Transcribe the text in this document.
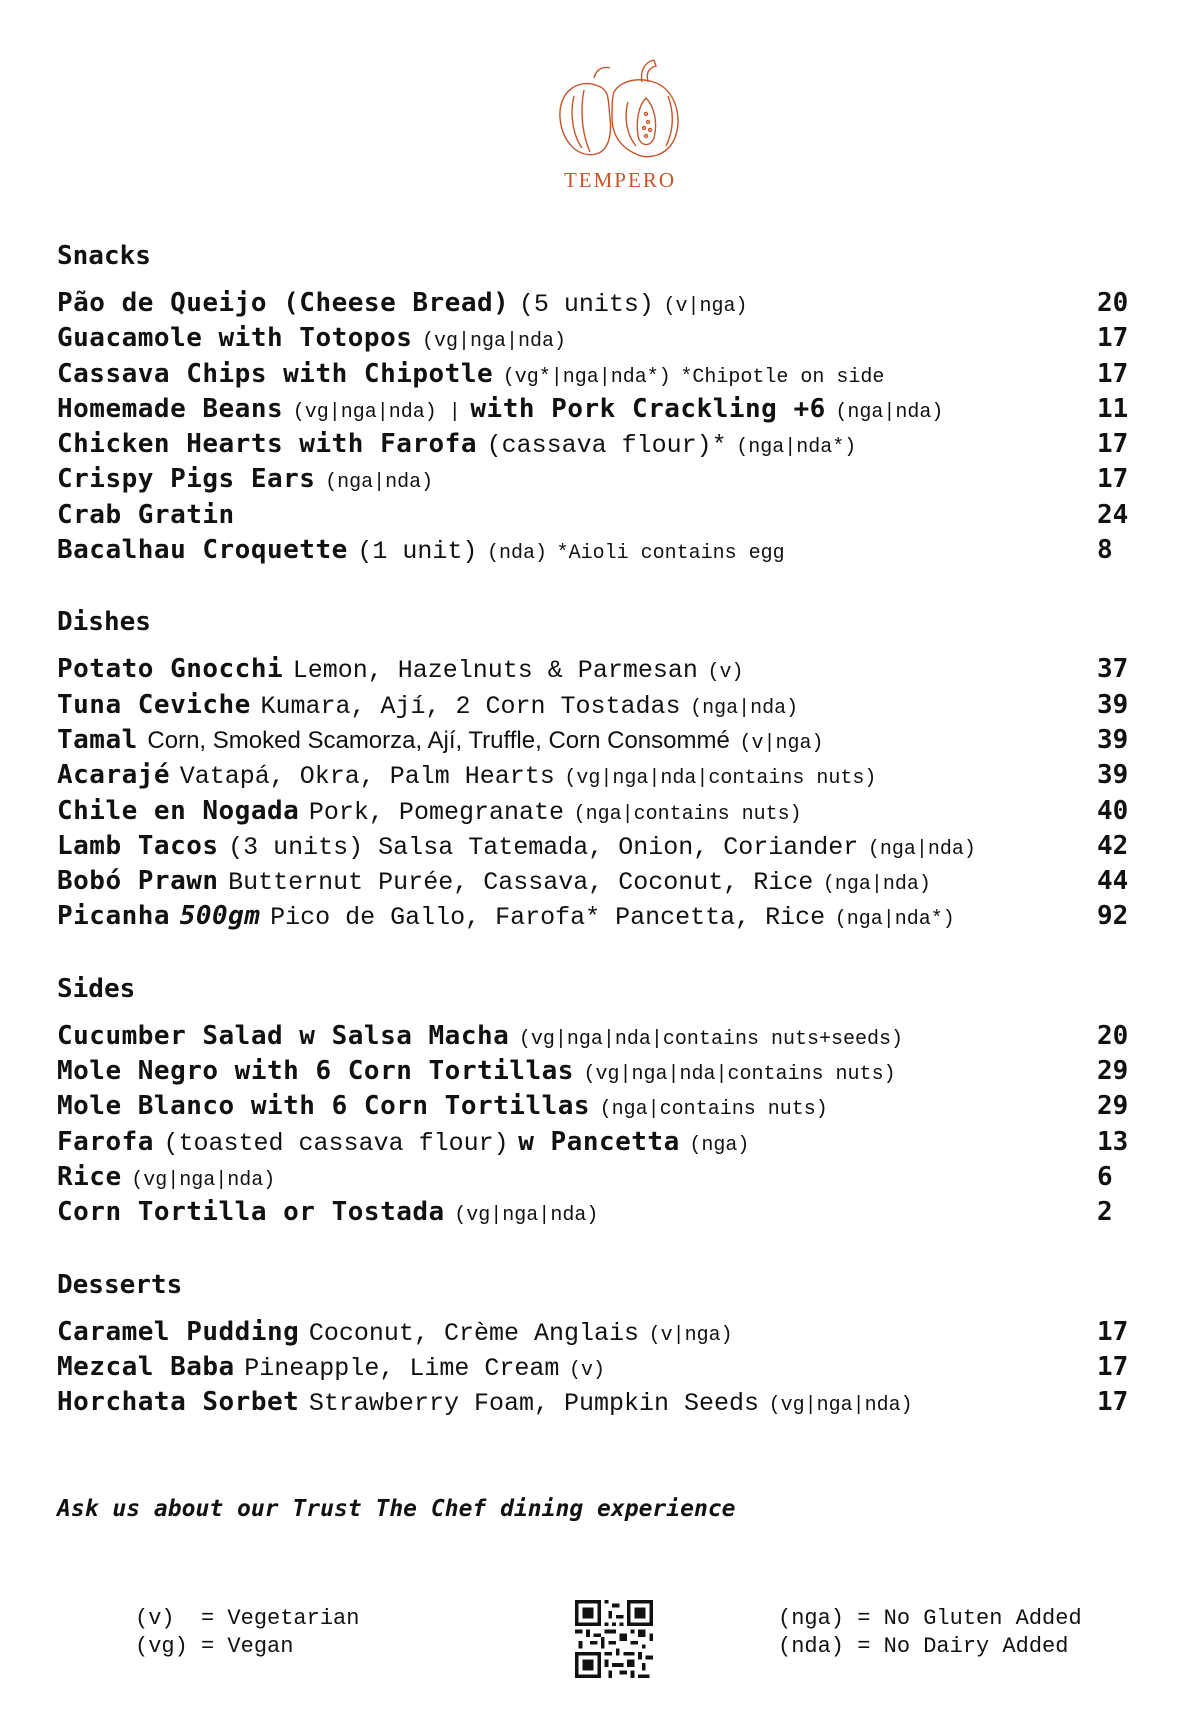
TEMPERO
Snacks
Pão de Queijo (Cheese Bread) (5 units) (v|nga)	20
Guacamole with Totopos (vg|nga|nda)	17
Cassava Chips with Chipotle (vg*|nga|nda*) *Chipotle on side	17
Homemade Beans (vg|nga|nda) | with Pork Crackling +6 (nga|nda)	11
Chicken Hearts with Farofa (cassava flour)* (nga|nda*)	17
Crispy Pigs Ears (nga|nda)	17
Crab Gratin	24
Bacalhau Croquette (1 unit) (nda) *Aioli contains egg	8
Dishes
Potato Gnocchi Lemon, Hazelnuts & Parmesan (v)	37
Tuna Ceviche Kumara, Ají, 2 Corn Tostadas (nga|nda)	39
Tamal Corn, Smoked Scamorza, Ají, Truffle, Corn Consommé (v|nga)	39
Acarajé Vatapá, Okra, Palm Hearts (vg|nga|nda|contains nuts)	39
Chile en Nogada Pork, Pomegranate (nga|contains nuts)	40
Lamb Tacos (3 units) Salsa Tatemada, Onion, Coriander (nga|nda)	42
Bobó Prawn Butternut Purée, Cassava, Coconut, Rice (nga|nda)	44
Picanha 500gm Pico de Gallo, Farofa* Pancetta, Rice (nga|nda*)	92
Sides
Cucumber Salad w Salsa Macha (vg|nga|nda|contains nuts+seeds)	20
Mole Negro with 6 Corn Tortillas (vg|nga|nda|contains nuts)	29
Mole Blanco with 6 Corn Tortillas (nga|contains nuts)	29
Farofa (toasted cassava flour) w Pancetta (nga)	13
Rice (vg|nga|nda)	6
Corn Tortilla or Tostada (vg|nga|nda)	2
Desserts
Caramel Pudding Coconut, Crème Anglais (v|nga)	17
Mezcal Baba Pineapple, Lime Cream (v)	17
Horchata Sorbet Strawberry Foam, Pumpkin Seeds (vg|nga|nda)	17
Ask us about our Trust The Chef dining experience
(v)  = Vegetarian
(vg) = Vegan
(nga) = No Gluten Added
(nda) = No Dairy Added
